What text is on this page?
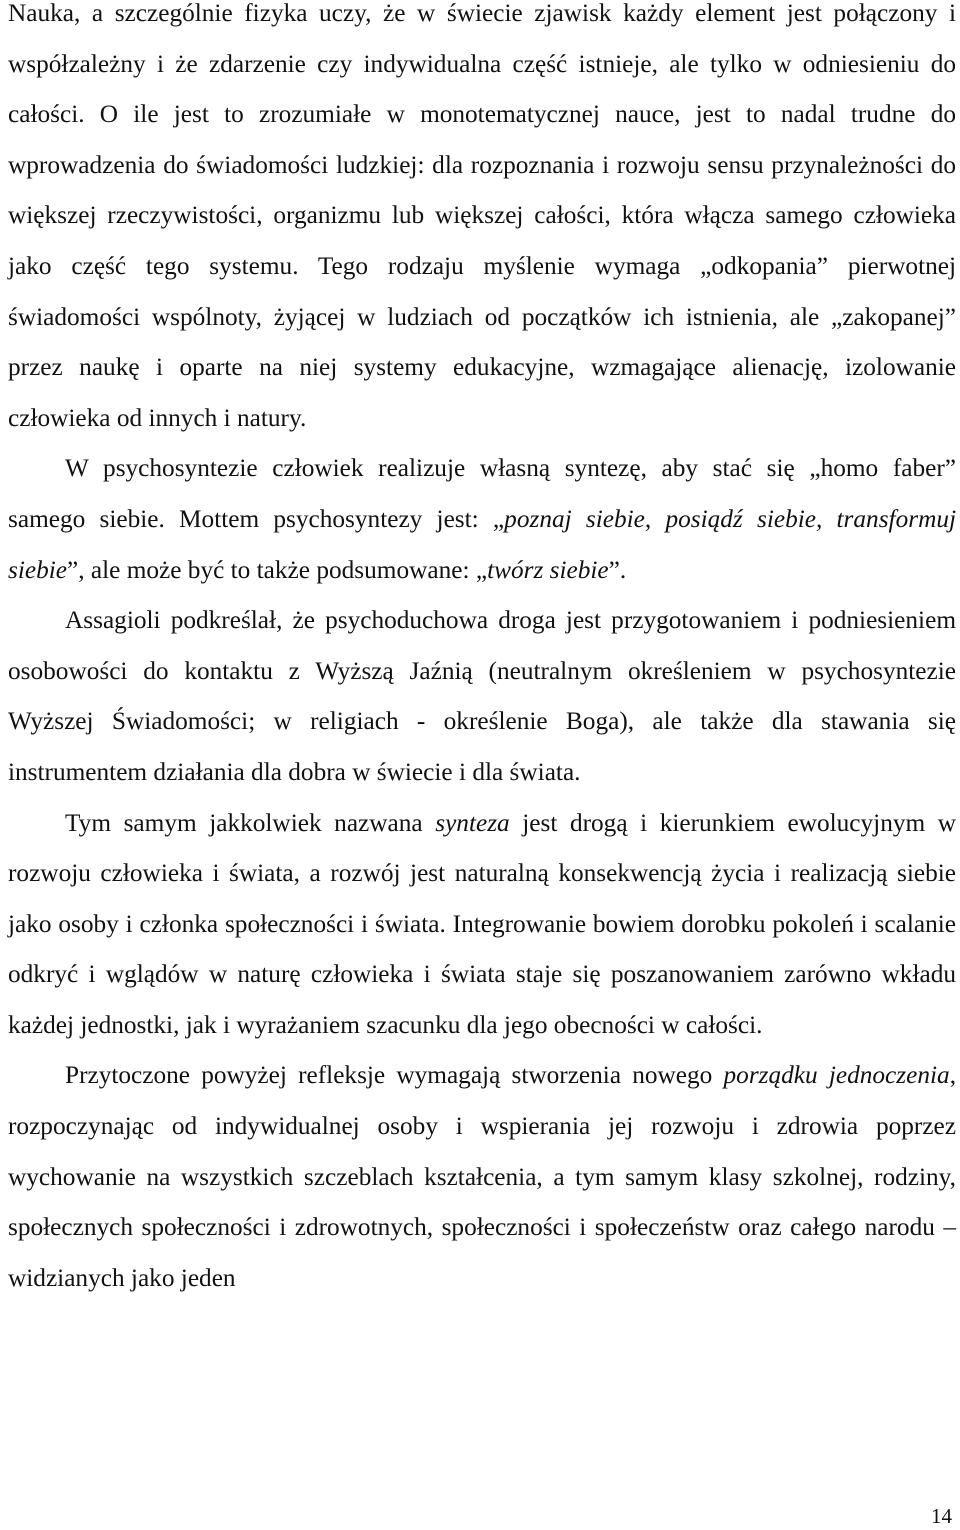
Nauka, a szczególnie fizyka uczy, że w świecie zjawisk każdy element jest połączony i współzależny i że zdarzenie czy indywidualna część istnieje, ale tylko w odniesieniu do całości. O ile jest to zrozumiałe w monotematycznej nauce, jest to nadal trudne do wprowadzenia do świadomości ludzkiej: dla rozpoznania i rozwoju sensu przynależności do większej rzeczywistości, organizmu lub większej całości, która włącza samego człowieka jako część tego systemu. Tego rodzaju myślenie wymaga „odkopania” pierwotnej świadomości wspólnoty, żyjącej w ludziach od początków ich istnienia, ale „zakopanej” przez naukę i oparte na niej systemy edukacyjne, wzmagające alienację, izolowanie człowieka od innych i natury.

W psychosyntezie człowiek realizuje własną syntezę, aby stać się „homo faber” samego siebie. Mottem psychosyntezy jest: „poznaj siebie, posiądź siebie, transformuj siebie”, ale może być to także podsumowane: „twórz siebie”.

Assagioli podkreślał, że psychoduchowa droga jest przygotowaniem i podniesieniem osobowości do kontaktu z Wyższą Jaźnią (neutralnym określeniem w psychosyntezie Wyższej Świadomości; w religiach - określenie Boga), ale także dla stawania się instrumentem działania dla dobra w świecie i dla świata.

Tym samym jakkolwiek nazwana synteza jest drogą i kierunkiem ewolucyjnym w rozwoju człowieka i świata, a rozwój jest naturalną konsekwencją życia i realizacją siebie jako osoby i członka społeczności i świata. Integrowanie bowiem dorobku pokoleń i scalanie odkryć i wglądów w naturę człowieka i świata staje się poszanowaniem zarówno wkładu każdej jednostki, jak i wyrażaniem szacunku dla jego obecności w całości.

Przytoczone powyżej refleksje wymagają stworzenia nowego porządku jednoczenia, rozpoczynając od indywidualnej osoby i wspierania jej rozwoju i zdrowia poprzez wychowanie na wszystkich szczeblach kształcenia, a tym samym klasy szkolnej, rodziny, społecznych społeczności i zdrowotnych, społeczności i społeczeństw oraz całego narodu – widzianych jako jeden

14
